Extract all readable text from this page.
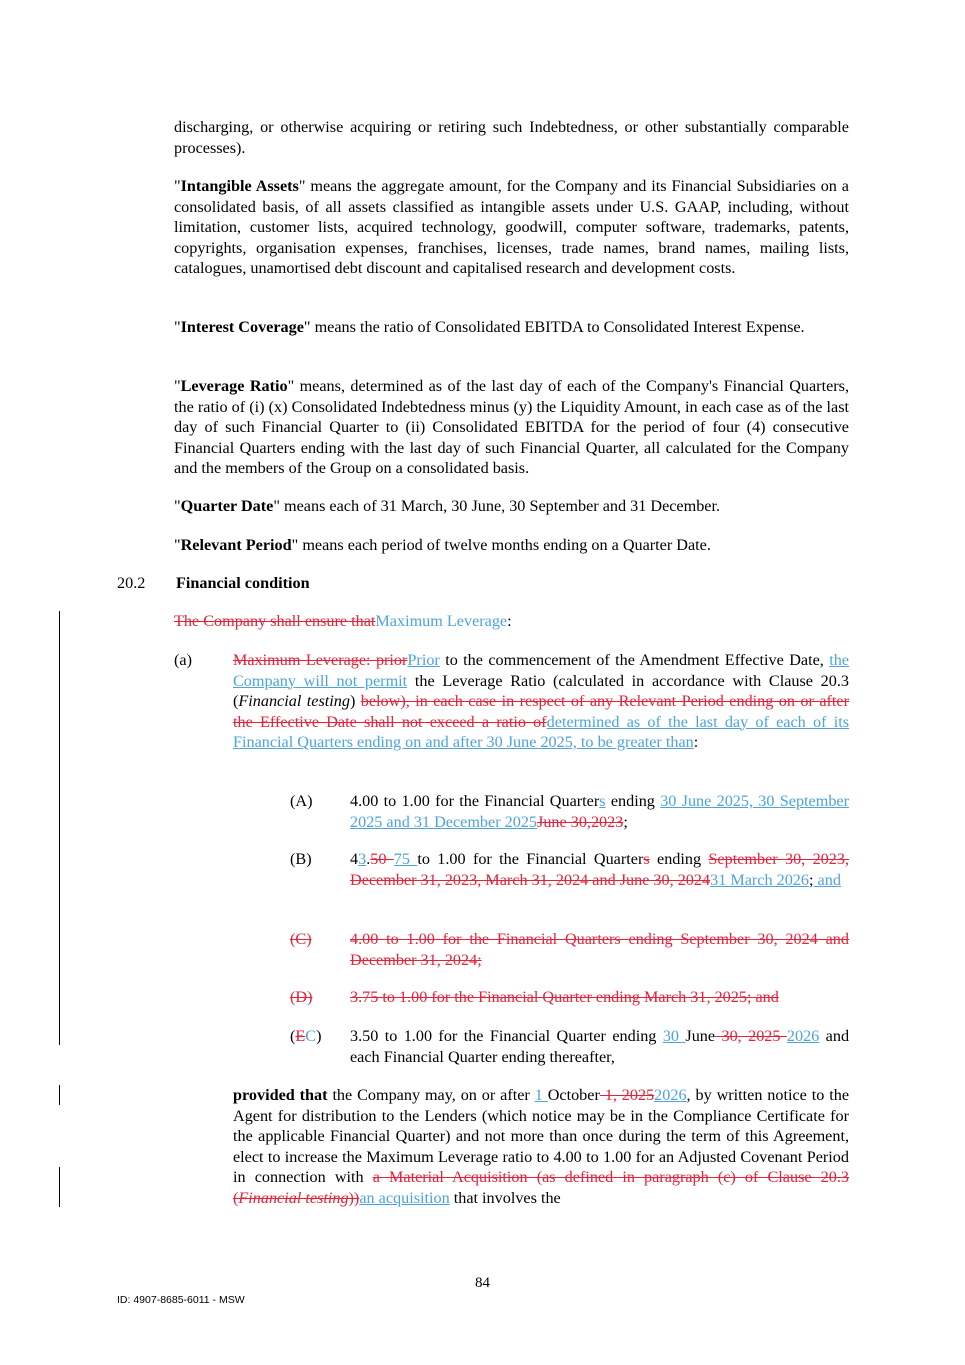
discharging, or otherwise acquiring or retiring such Indebtedness, or other substantially comparable processes).

"Intangible Assets" means the aggregate amount, for the Company and its Financial Subsidiaries on a consolidated basis, of all assets classified as intangible assets under U.S. GAAP, including, without limitation, customer lists, acquired technology, goodwill, computer software, trademarks, patents, copyrights, organisation expenses, franchises, licenses, trade names, brand names, mailing lists, catalogues, unamortised debt discount and capitalised research and development costs.

"Interest Coverage" means the ratio of Consolidated EBITDA to Consolidated Interest Expense.

"Leverage Ratio" means, determined as of the last day of each of the Company's Financial Quarters, the ratio of (i) (x) Consolidated Indebtedness minus (y) the Liquidity Amount, in each case as of the last day of such Financial Quarter to (ii) Consolidated EBITDA for the period of four (4) consecutive Financial Quarters ending with the last day of such Financial Quarter, all calculated for the Company and the members of the Group on a consolidated basis.

"Quarter Date" means each of 31 March, 30 June, 30 September and 31 December.

"Relevant Period" means each period of twelve months ending on a Quarter Date.

20.2 Financial condition

The Company shall ensure thatMaximum Leverage:

(a)	Maximum Leverage: priorPrior to the commencement of the Amendment Effective Date, the Company will not permit the Leverage Ratio (calculated in accordance with Clause 20.3 (Financial testing) below), in each case in respect of any Relevant Period ending on or after the Effective Date shall not exceed a ratio ofdetermined as of the last day of each of its Financial Quarters ending on and after 30 June 2025, to be greater than:

(A) 4.00 to 1.00 for the Financial Quarters ending 30 June 2025, 30 September 2025 and 31 December 2025June 30,2023;

(B) 43.50 75 to 1.00 for the Financial Quarters ending September 30, 2023, December 31, 2023, March 31, 2024 and June 30, 202431 March 2026; and

(C)	4.00 to 1.00 for the Financial Quarters ending September 30, 2024 and December 31, 2024;

(D)	3.75 to 1.00 for the Financial Quarter ending March 31, 2025; and

(EC) 3.50 to 1.00 for the Financial Quarter ending 30 June 30, 2025 2026 and each Financial Quarter ending thereafter,

provided that the Company may, on or after 1 October 1, 20252026, by written notice to the Agent for distribution to the Lenders (which notice may be in the Compliance Certificate for the applicable Financial Quarter) and not more than once during the term of this Agreement, elect to increase the Maximum Leverage ratio to 4.00 to 1.00 for an Adjusted Covenant Period in connection with a Material Acquisition (as defined in paragraph (c) of Clause 20.3 (Financial testing))an acquisition that involves the

84
ID: 4907-8685-6011 - MSW
